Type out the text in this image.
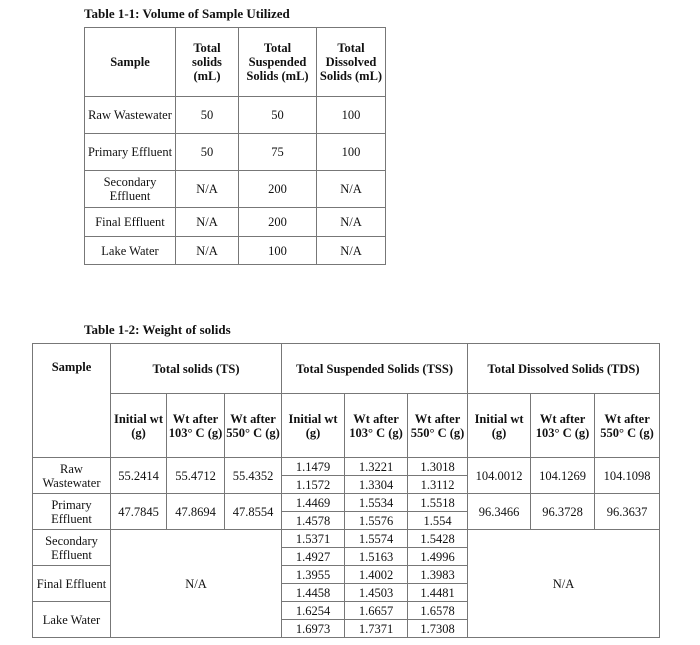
Table 1-1: Volume of Sample Utilized
Sample	Total solids (mL)	Total Suspended Solids (mL)	Total Dissolved Solids (mL)
Raw Wastewater	50	50	100
Primary Effluent	50	75	100
Secondary Effluent	N/A	200	N/A
Final Effluent	N/A	200	N/A
Lake Water	N/A	100	N/A
Table 1-2: Weight of solids
Sample	Total solids (TS)			Total Suspended Solids (TSS)			Total Dissolved Solids (TDS)		
	Initial wt (g)	Wt after 103° C (g)	Wt after 550° C (g)	Initial wt (g)	Wt after 103° C (g)	Wt after 550° C (g)	Initial wt (g)	Wt after 103° C (g)	Wt after 550° C (g)
Raw Wastewater	55.2414	55.4712	55.4352	1.1479	1.3221	1.3018	104.0012	104.1269	104.1098
				1.1572	1.3304	1.3112			
Primary Effluent	47.7845	47.8694	47.8554	1.4469	1.5534	1.5518	96.3466	96.3728	96.3637
				1.4578	1.5576	1.554			
Secondary Effluent	N/A			1.5371	1.5574	1.5428	N/A		
				1.4927	1.5163	1.4996			
Final Effluent				1.3955	1.4002	1.3983			
				1.4458	1.4503	1.4481			
Lake Water				1.6254	1.6657	1.6578			
				1.6973	1.7371	1.7308			
